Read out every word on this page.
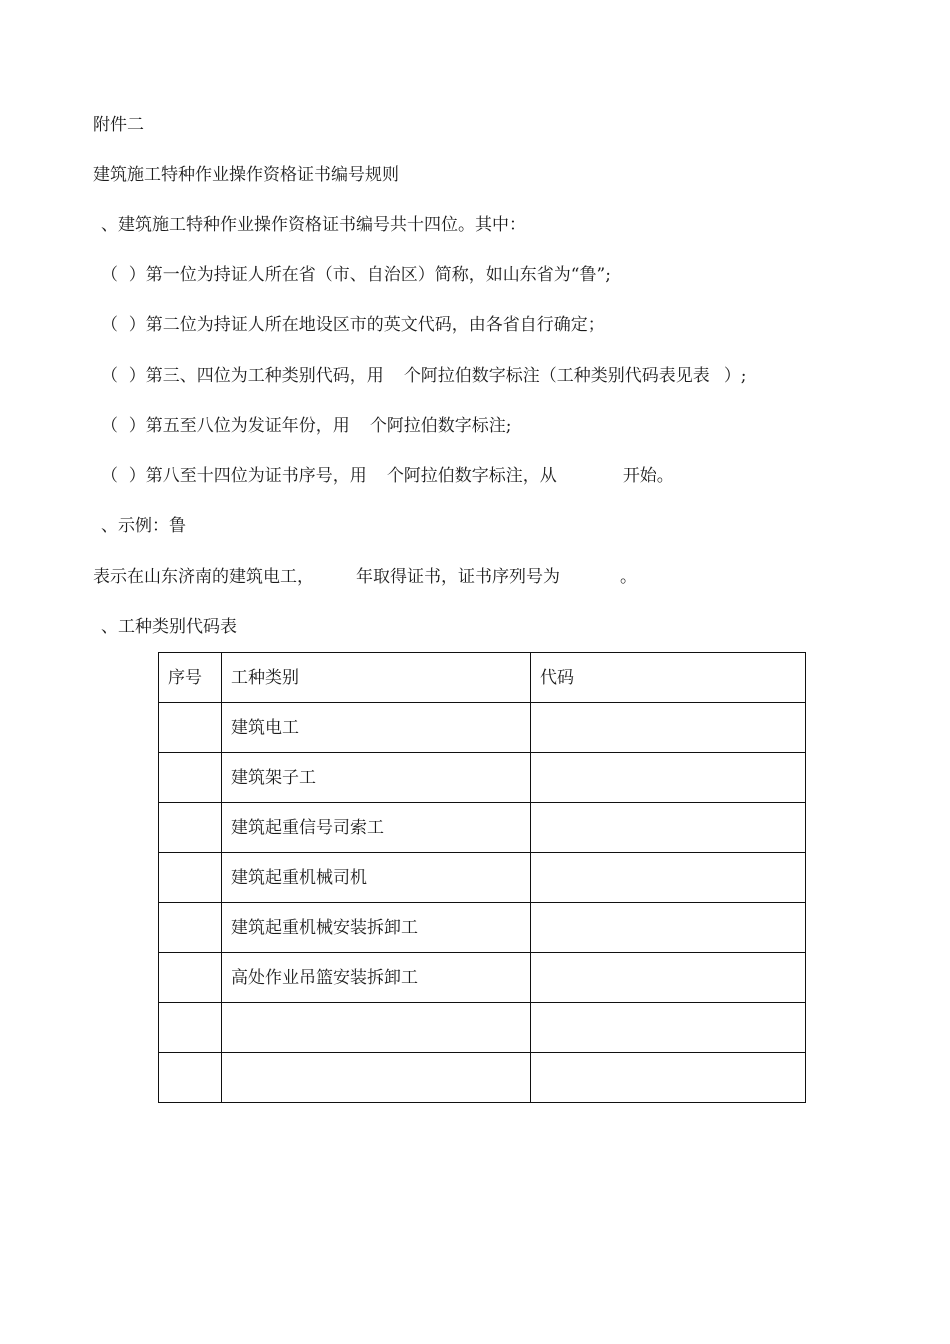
附件二
建筑施工特种作业操作资格证书编号规则
、建筑施工特种作业操作资格证书编号共十四位。其中：
（  ）第一位为持证人所在省（市、自治区）简称，如山东省为“鲁”;
（  ）第二位为持证人所在地设区市的英文代码，由各省自行确定；
（  ）第三、四位为工种类别代码，用 个阿拉伯数字标注（工种类别代码表见表 ）;
（  ）第五至八位为发证年份，用 个阿拉伯数字标注;
（  ）第八至十四位为证书序号，用 个阿拉伯数字标注，从	开始。
、示例：鲁
表示在山东济南的建筑电工， 年取得证书，证书序列号为	。
、工种类别代码表
序号	工种类别	代码
	建筑电工	
	建筑架子工	
	建筑起重信号司索工	
	建筑起重机械司机	
	建筑起重机械安装拆卸工	
	高处作业吊篮安装拆卸工	
